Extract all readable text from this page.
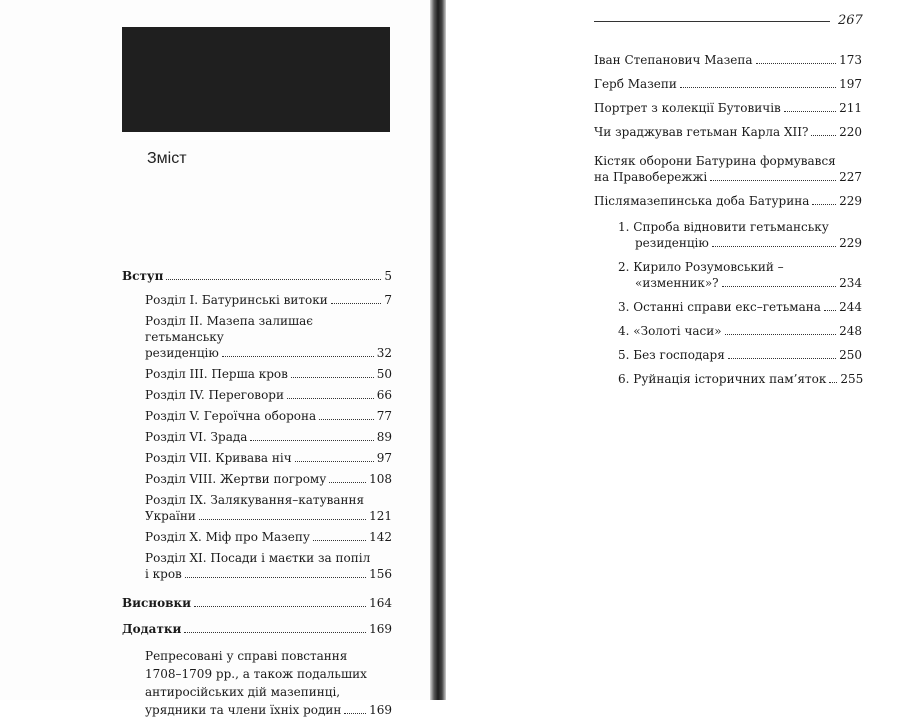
Зміст
Вступ	5
Розділ І. Батуринські витоки	7
Розділ ІІ. Мазепа залишає гетьманську
резиденцію	32
Розділ ІІІ. Перша кров	50
Розділ IV. Переговори	66
Розділ V. Героїчна оборона	77
Розділ VI. Зрада	89
Розділ VII. Кривава ніч	97
Розділ VIII. Жертви погрому	108
Розділ ІХ. Залякування–катування
України	121
Розділ Х. Міф про Мазепу	142
Розділ ХІ. Посади і маєтки за попіл
і кров	156
Висновки	164
Додатки	169
Репресовані у справі повстання
1708–1709 рр., а також подальших
антиросійських дій мазепинці,
урядники та члени їхніх родин 169
267
Іван Степанович Мазепа	173
Герб Мазепи	197
Портрет з колекції Бутовичів	211
Чи зраджував гетьман Карла ХІІ?	220
Кістяк оборони Батурина формувався
на Правобережжі	227
Післямазепинська доба Батурина 229
1. Спроба відновити гетьманську
резиденцію	229
2. Кирило Розумовський –
«изменник»?	234
3. Останні справи екс–гетьмана 244
4. «Золоті часи»	248
5. Без господаря	250
6. Руйнація історичних пам’яток 255
